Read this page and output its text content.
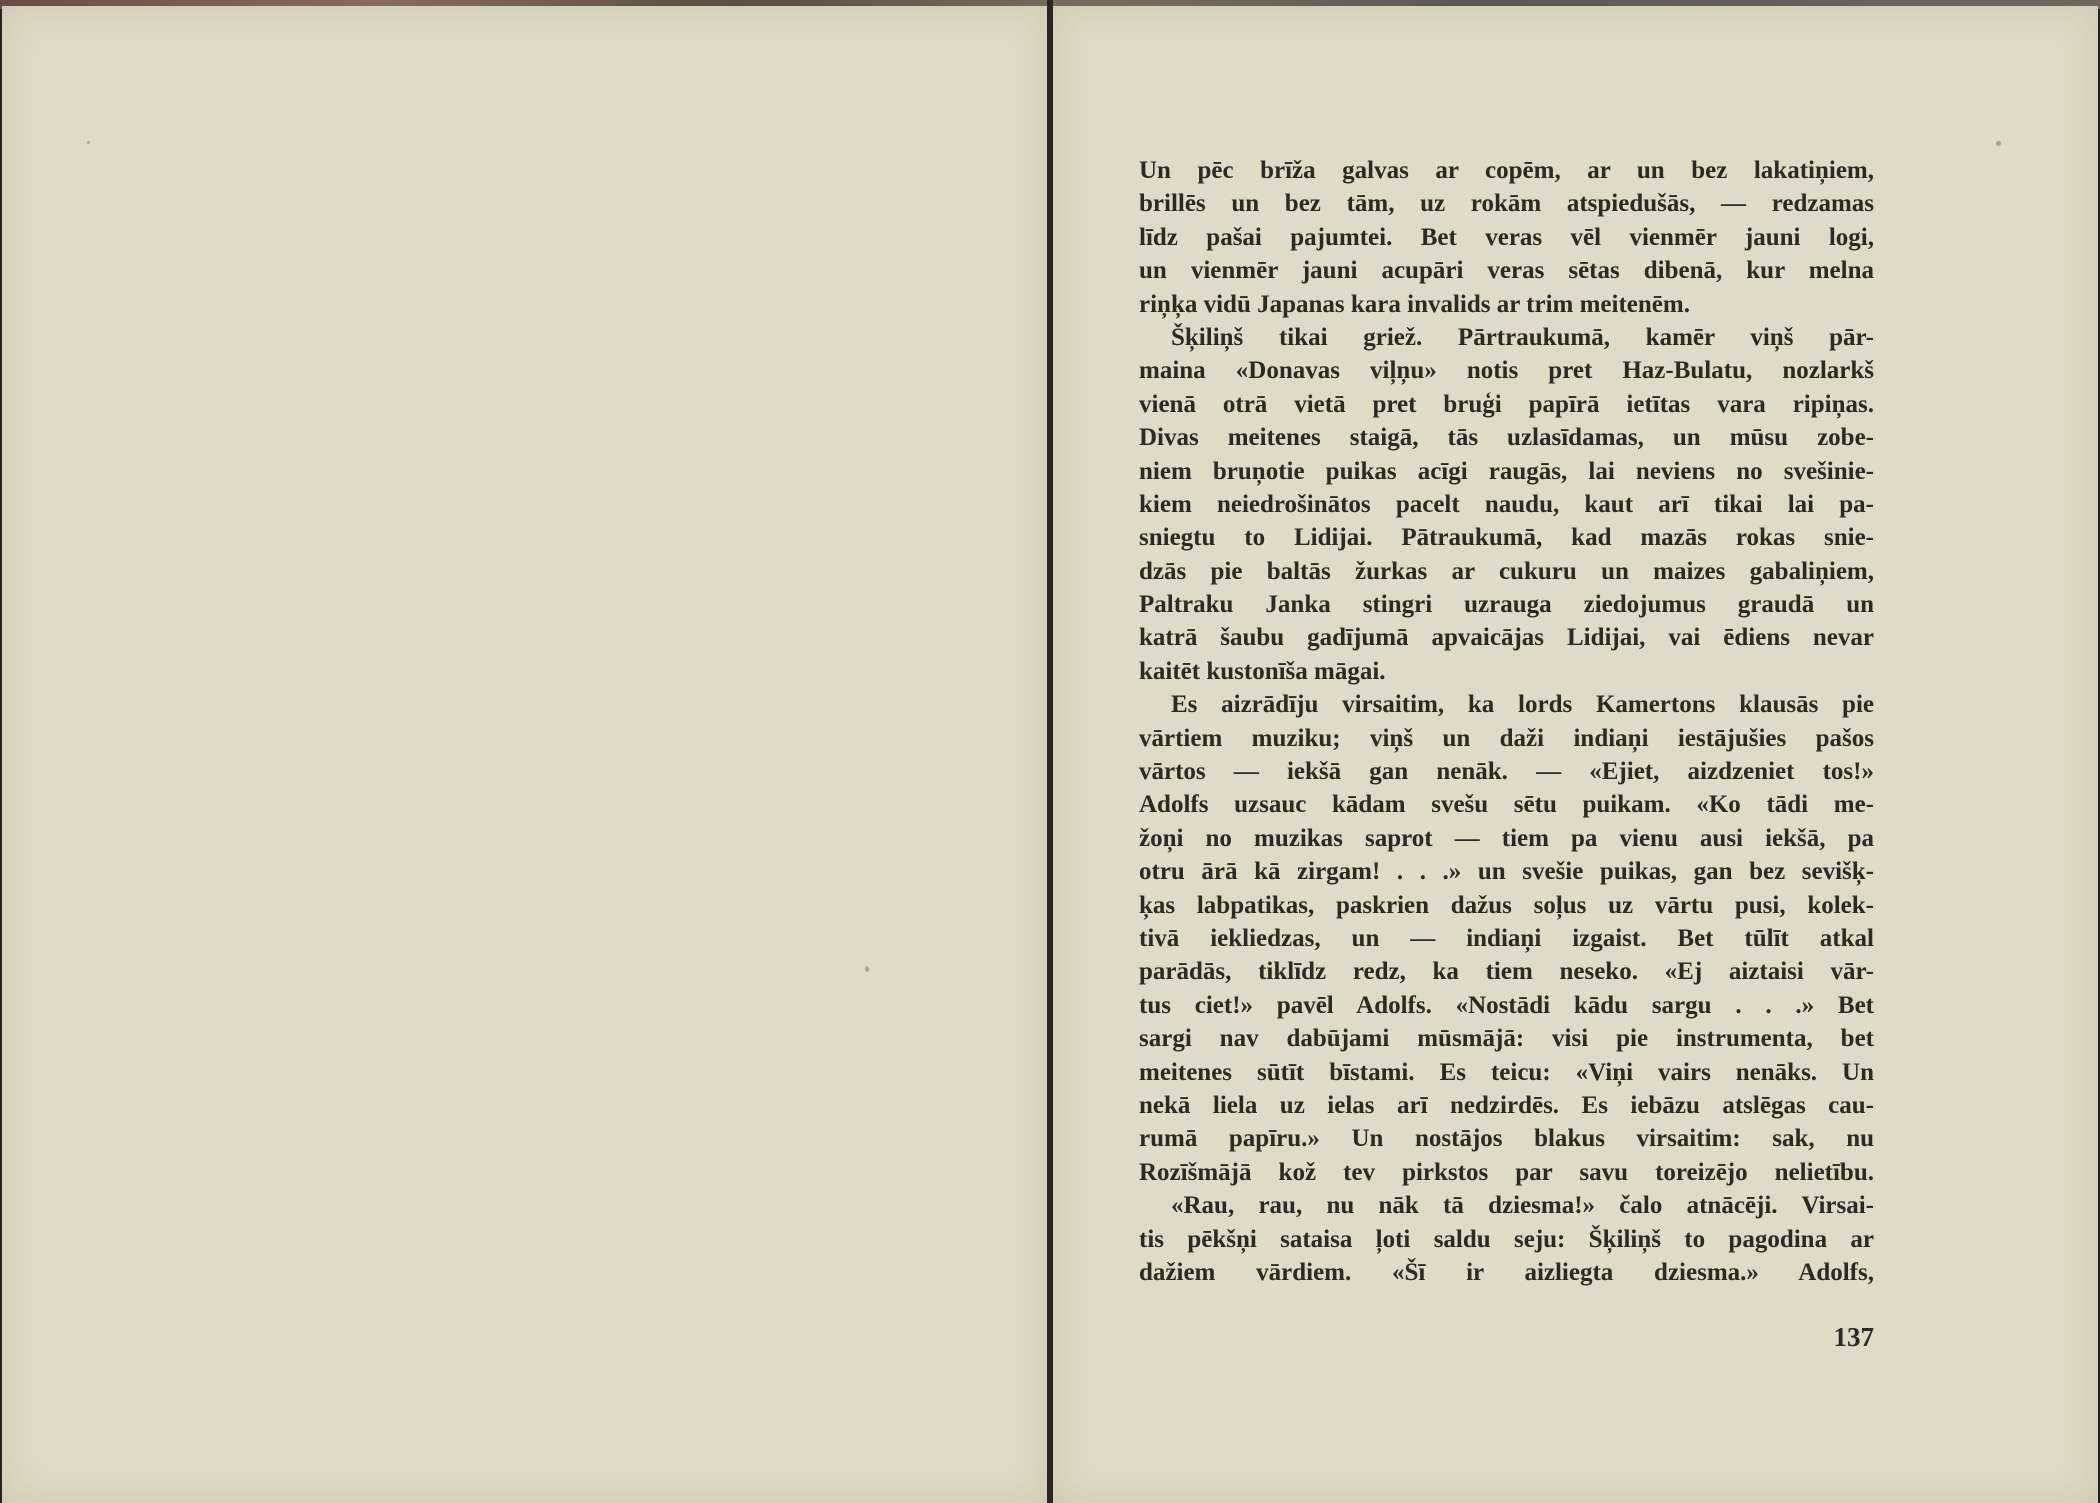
Un pēc brīža galvas ar copēm, ar un bez lakatiņiem,
brillēs un bez tām, uz rokām atspiedušās, — redzamas
līdz pašai pajumtei. Bet veras vēl vienmēr jauni logi,
un vienmēr jauni acupāri veras sētas dibenā, kur melna
riņķa vidū Japanas kara invalids ar trim meitenēm.
Šķiliņš tikai griež. Pārtraukumā, kamēr viņš pār-
maina «Donavas viļņu» notis pret Haz-Bulatu, nozlarkš
vienā otrā vietā pret bruģi papīrā ietītas vara ripiņas.
Divas meitenes staigā, tās uzlasīdamas, un mūsu zobe-
niem bruņotie puikas acīgi raugās, lai neviens no svešinie-
kiem neiedrošinātos pacelt naudu, kaut arī tikai lai pa-
sniegtu to Lidijai. Pātraukumā, kad mazās rokas snie-
dzās pie baltās žurkas ar cukuru un maizes gabaliņiem,
Paltraku Janka stingri uzrauga ziedojumus graudā un
katrā šaubu gadījumā apvaicājas Lidijai, vai ēdiens nevar
kaitēt kustonīša māgai.
Es aizrādīju virsaitim, ka lords Kamertons klausās pie
vārtiem muziku; viņš un daži indiaņi iestājušies pašos
vārtos — iekšā gan nenāk. — «Ejiet, aizdzeniet tos!»
Adolfs uzsauc kādam svešu sētu puikam. «Ko tādi me-
žoņi no muzikas saprot — tiem pa vienu ausi iekšā, pa
otru ārā kā zirgam! . . .» un svešie puikas, gan bez sevišķ-
ķas labpatikas, paskrien dažus soļus uz vārtu pusi, kolek-
tivā iekliedzas, un — indiaņi izgaist. Bet tūlīt atkal
parādās, tiklīdz redz, ka tiem neseko. «Ej aiztaisi vār-
tus ciet!» pavēl Adolfs. «Nostādi kādu sargu . . .» Bet
sargi nav dabūjami mūsmājā: visi pie instrumenta, bet
meitenes sūtīt bīstami. Es teicu: «Viņi vairs nenāks. Un
nekā liela uz ielas arī nedzirdēs. Es iebāzu atslēgas cau-
rumā papīru.» Un nostājos blakus virsaitim: sak, nu
Rozīšmājā kož tev pirkstos par savu toreizējo nelietību.
«Rau, rau, nu nāk tā dziesma!» čalo atnācēji. Virsai-
tis pēkšņi sataisa ļoti saldu seju: Šķiliņš to pagodina ar
dažiem vārdiem. «Šī ir aizliegta dziesma.» Adolfs,
137
